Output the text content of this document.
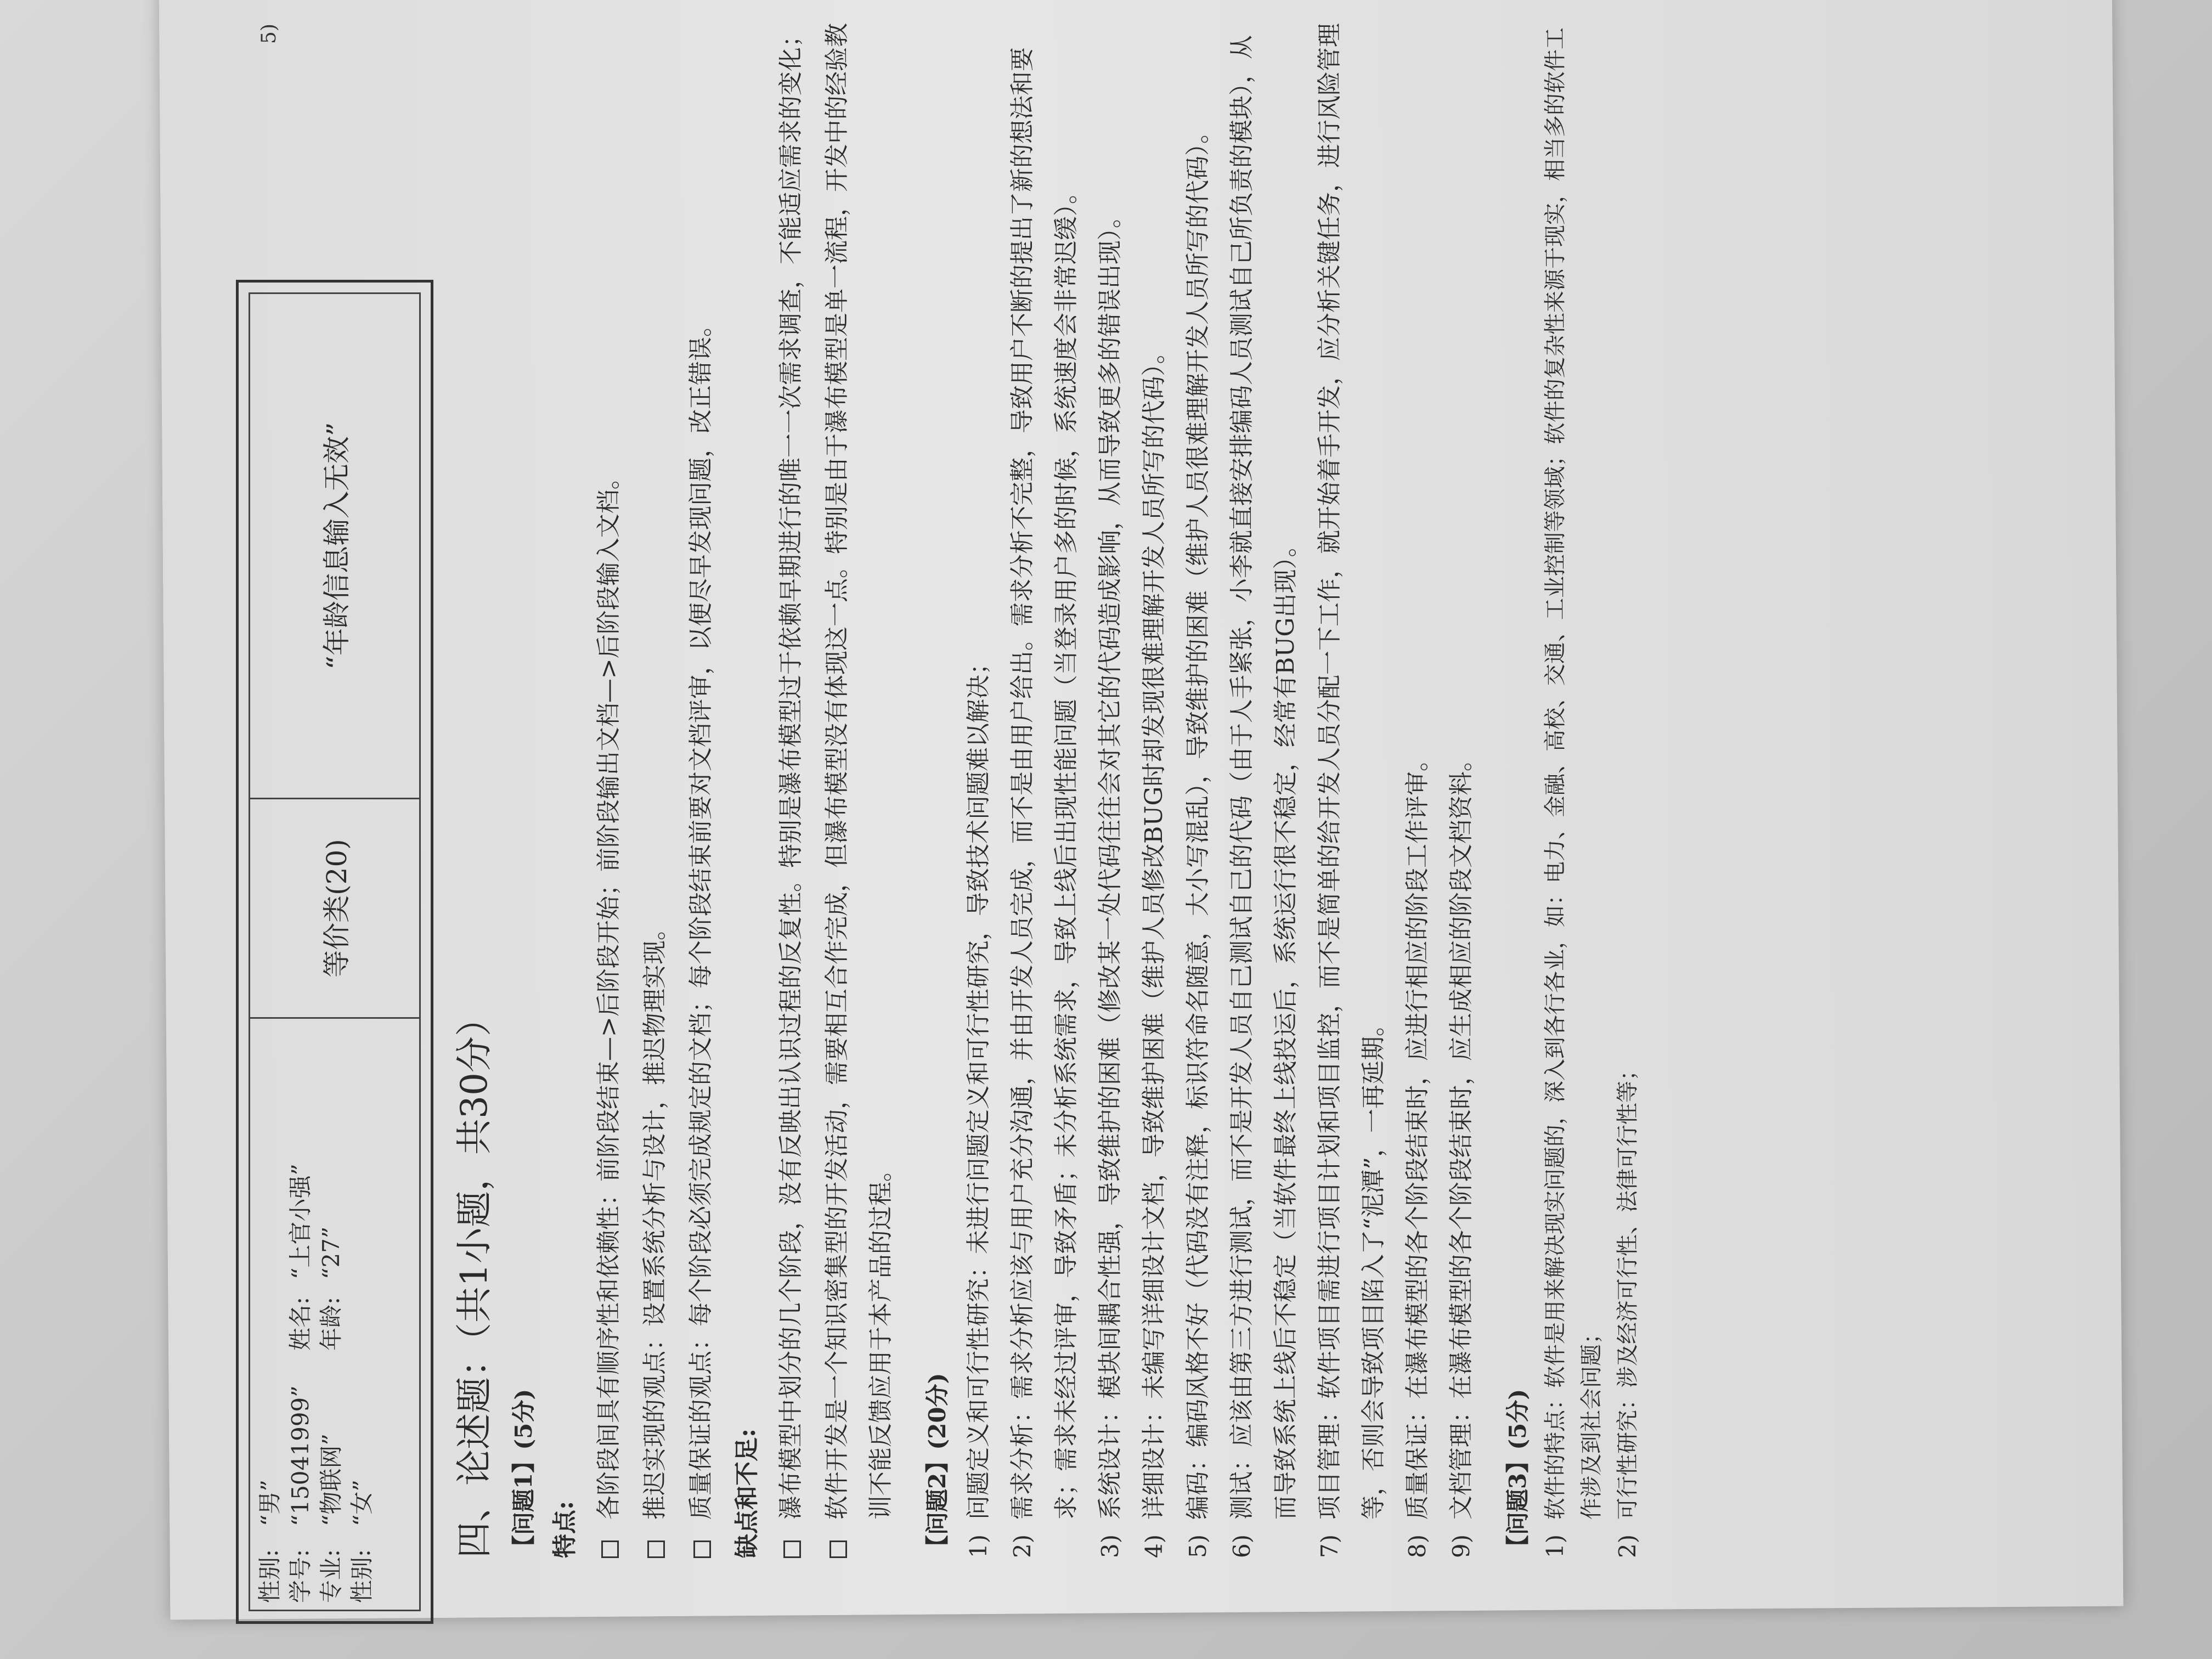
5)
性别:
“男”
学号:
“15041999”
姓名:
“上官小强”
专业:
“物联网”
年龄:
“27”
性别:
“女”
等价类(20)
“年龄信息输入无效”
四、论述题：（共1小题，共30分） 【问题1】(5分) 特点:
各阶段间具有顺序性和依赖性：前阶段结束—>后阶段开始；前阶段输出文档—>后阶段输入文档。 推迟实现的观点：设置系统分析与设计，推迟物理实现。 质量保证的观点：每个阶段必须完成规定的文档；每个阶段结束前要对文档评审，以便尽早发现问题，改正错误。 缺点和不足: 瀑布模型中划分的几个阶段，没有反映出认识过程的反复性。特别是瀑布模型过于依赖早期进行的唯一一次需求调查，不能适应需求的变化； 软件开发是一个知识密集型的开发活动，需要相互合作完成，但瀑布模型没有体现这一点。特别是由于瀑布模型是单一流程，开发中的经验教训不能反馈应用于本产品的过程。	【问题2】(20分) 1)
问题定义和可行性研究：未进行问题定义和可行性研究，导致技术问题难以解决；
2)
需求分析：需求分析应该与用户充分沟通，并由开发人员完成，而不是由用户给出。需求分析不完整，导致用户不断的提出了新的想法和要求；需求未经过评审，导致矛盾；未分析系统需求，导致上线后出现性能问题（当登录用户多的时候，系统速度会非常迟缓）。
3)
系统设计：模块间耦合性强，导致维护的困难（修改某一处代码往往会对其它的代码造成影响，从而导致更多的错误出现）。
4)
详细设计：未编写详细设计文档，导致维护困难（维护人员修改BUG时却发现很难理解开发人员所写的代码）。
5)
编码：编码风格不好（代码没有注释，标识符命名随意，大小写混乱），导致维护的困难（维护人员很难理解开发人员所写的代码）。
6)
测试：应该由第三方进行测试，而不是开发人员自己测试自己的代码（由于人手紧张，小李就直接安排编码人员测试自己所负责的模块），从而导致系统上线后不稳定（当软件最终上线投运后，系统运行很不稳定，经常有BUG出现）。
7)
项目管理：软件项目需进行项目计划和项目监控，而不是简单的给开发人员分配一下工作，就开始着手开发，应分析关键任务，进行风险管理等，否则会导致项目陷入了“泥潭”，一再延期。
8)
质量保证：在瀑布模型的各个阶段结束时，应进行相应的阶段工作评审。
9)
文档管理：在瀑布模型的各个阶段结束时，应生成相应的阶段文档资料。	【问题3】(5分) 1)
软件的特点：软件是用来解决现实问题的，深入到各行各业，如：电力、金融、高校、交通、工业控制等领域；软件的复杂性来源于现实，相当多的软件工作涉及到社会问题；
2)
可行性研究：涉及经济可行性、法律可行性等；
